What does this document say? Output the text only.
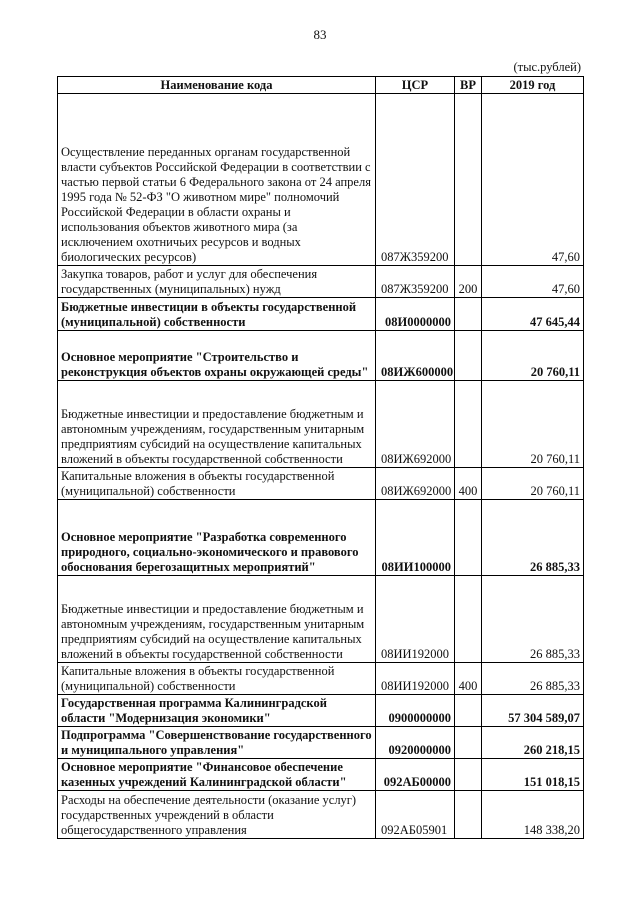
83
(тыс.рублей)
Наименование кода	ЦСР	ВР	2019 год
Осуществление переданных органам государственной власти субъектов Российской Федерации в соответствии с частью первой статьи 6 Федерального закона от 24 апреля 1995 года № 52-ФЗ "О животном мире" полномочий Российской Федерации в области охраны и использования объектов животного мира (за исключением охотничьих ресурсов и водных биологических ресурсов)	087Ж359200		47,60
Закупка товаров, работ и услуг для обеспечения государственных (муниципальных) нужд	087Ж359200	200	47,60
Бюджетные инвестиции в объекты государственной (муниципальной) собственности	08И0000000		47 645,44
Основное мероприятие "Строительство и реконструкция объектов охраны окружающей среды"	08ИЖ600000		20 760,11
Бюджетные инвестиции и предоставление бюджетным и автономным учреждениям, государственным унитарным предприятиям субсидий на осуществление капитальных вложений в объекты государственной собственности	08ИЖ692000		20 760,11
Капитальные вложения в объекты государственной (муниципальной) собственности	08ИЖ692000	400	20 760,11
Основное мероприятие "Разработка современного природного, социально-экономического и правового обоснования берегозащитных мероприятий"	08ИИ100000		26 885,33
Бюджетные инвестиции и предоставление бюджетным и автономным учреждениям, государственным унитарным предприятиям субсидий на осуществление капитальных вложений в объекты государственной собственности	08ИИ192000		26 885,33
Капитальные вложения в объекты государственной (муниципальной) собственности	08ИИ192000	400	26 885,33
Государственная программа Калининградской области "Модернизация экономики"	0900000000		57 304 589,07
Подпрограмма "Совершенствование государственного и муниципального управления"	0920000000		260 218,15
Основное мероприятие "Финансовое обеспечение казенных учреждений Калининградской области"	092АБ00000		151 018,15
Расходы на обеспечение деятельности (оказание услуг) государственных учреждений в области общегосударственного управления	092АБ05901		148 338,20
